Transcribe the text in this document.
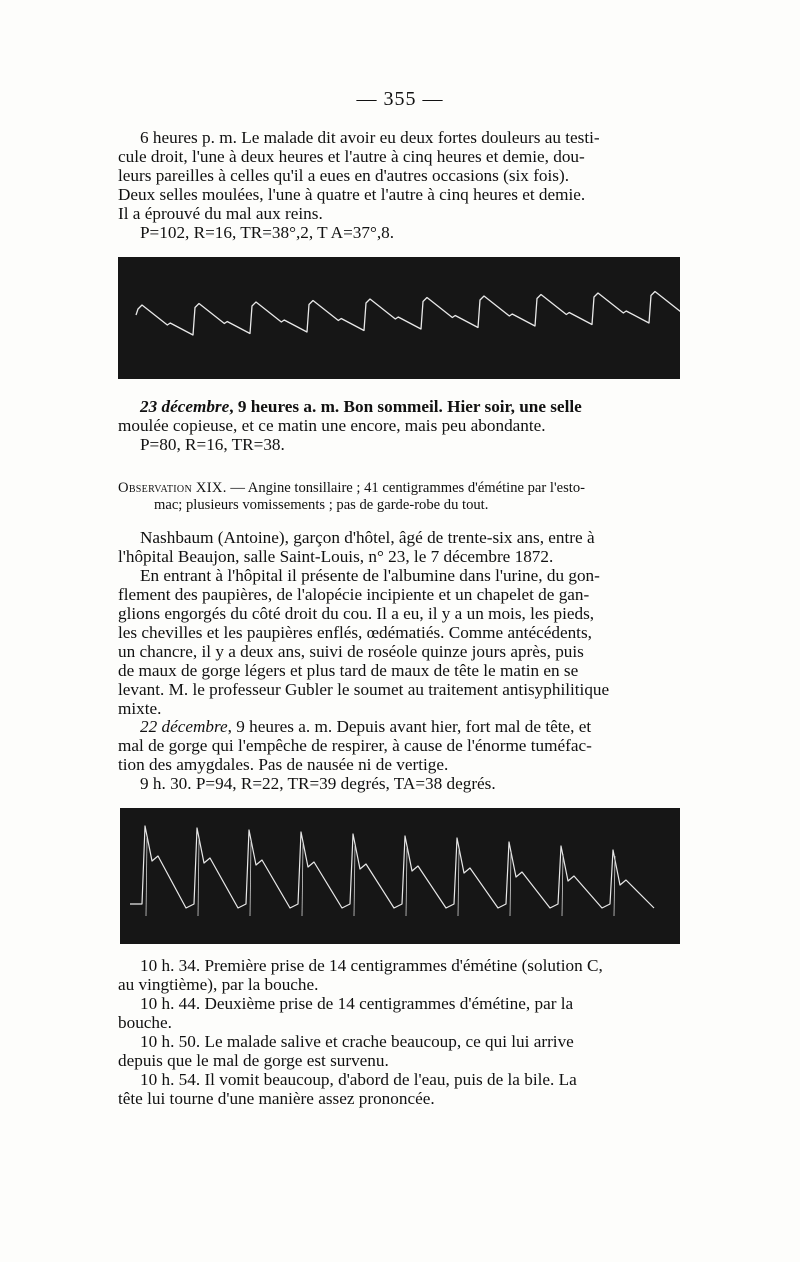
— 355 —

6 heures p. m. Le malade dit avoir eu deux fortes douleurs au testi-

cule droit, l'une à deux heures et l'autre à cinq heures et demie, dou-

leurs pareilles à celles qu'il a eues en d'autres occasions (six fois).

Deux selles moulées, l'une à quatre et l'autre à cinq heures et demie.

Il a éprouvé du mal aux reins.

P=102, R=16, TR=38°,2, T A=37°,8.

23 décembre, 9 heures a. m. Bon sommeil. Hier soir, une selle

moulée copieuse, et ce matin une encore, mais peu abondante.

P=80, R=16, TR=38.

Observation XIX. — Angine tonsillaire ; 41 centigrammes d'émétine par l'esto-
mac; plusieurs vomissements ; pas de garde-robe du tout.

Nashbaum (Antoine), garçon d'hôtel, âgé de trente-six ans, entre à

l'hôpital Beaujon, salle Saint-Louis, n° 23, le 7 décembre 1872.

En entrant à l'hôpital il présente de l'albumine dans l'urine, du gon-

flement des paupières, de l'alopécie incipiente et un chapelet de gan-

glions engorgés du côté droit du cou. Il a eu, il y a un mois, les pieds,

les chevilles et les paupières enflés, œdématiés. Comme antécédents,

un chancre, il y a deux ans, suivi de roséole quinze jours après, puis

de maux de gorge légers et plus tard de maux de tête le matin en se

levant. M. le professeur Gubler le soumet au traitement antisyphilitique

mixte.

22 décembre, 9 heures a. m. Depuis avant hier, fort mal de tête, et

mal de gorge qui l'empêche de respirer, à cause de l'énorme tuméfac-

tion des amygdales. Pas de nausée ni de vertige.

9 h. 30. P=94, R=22, TR=39 degrés, TA=38 degrés.

10 h. 34. Première prise de 14 centigrammes d'émétine (solution C,

au vingtième), par la bouche.

10 h. 44. Deuxième prise de 14 centigrammes d'émétine, par la

bouche.

10 h. 50. Le malade salive et crache beaucoup, ce qui lui arrive

depuis que le mal de gorge est survenu.

10 h. 54. Il vomit beaucoup, d'abord de l'eau, puis de la bile. La

tête lui tourne d'une manière assez prononcée.
